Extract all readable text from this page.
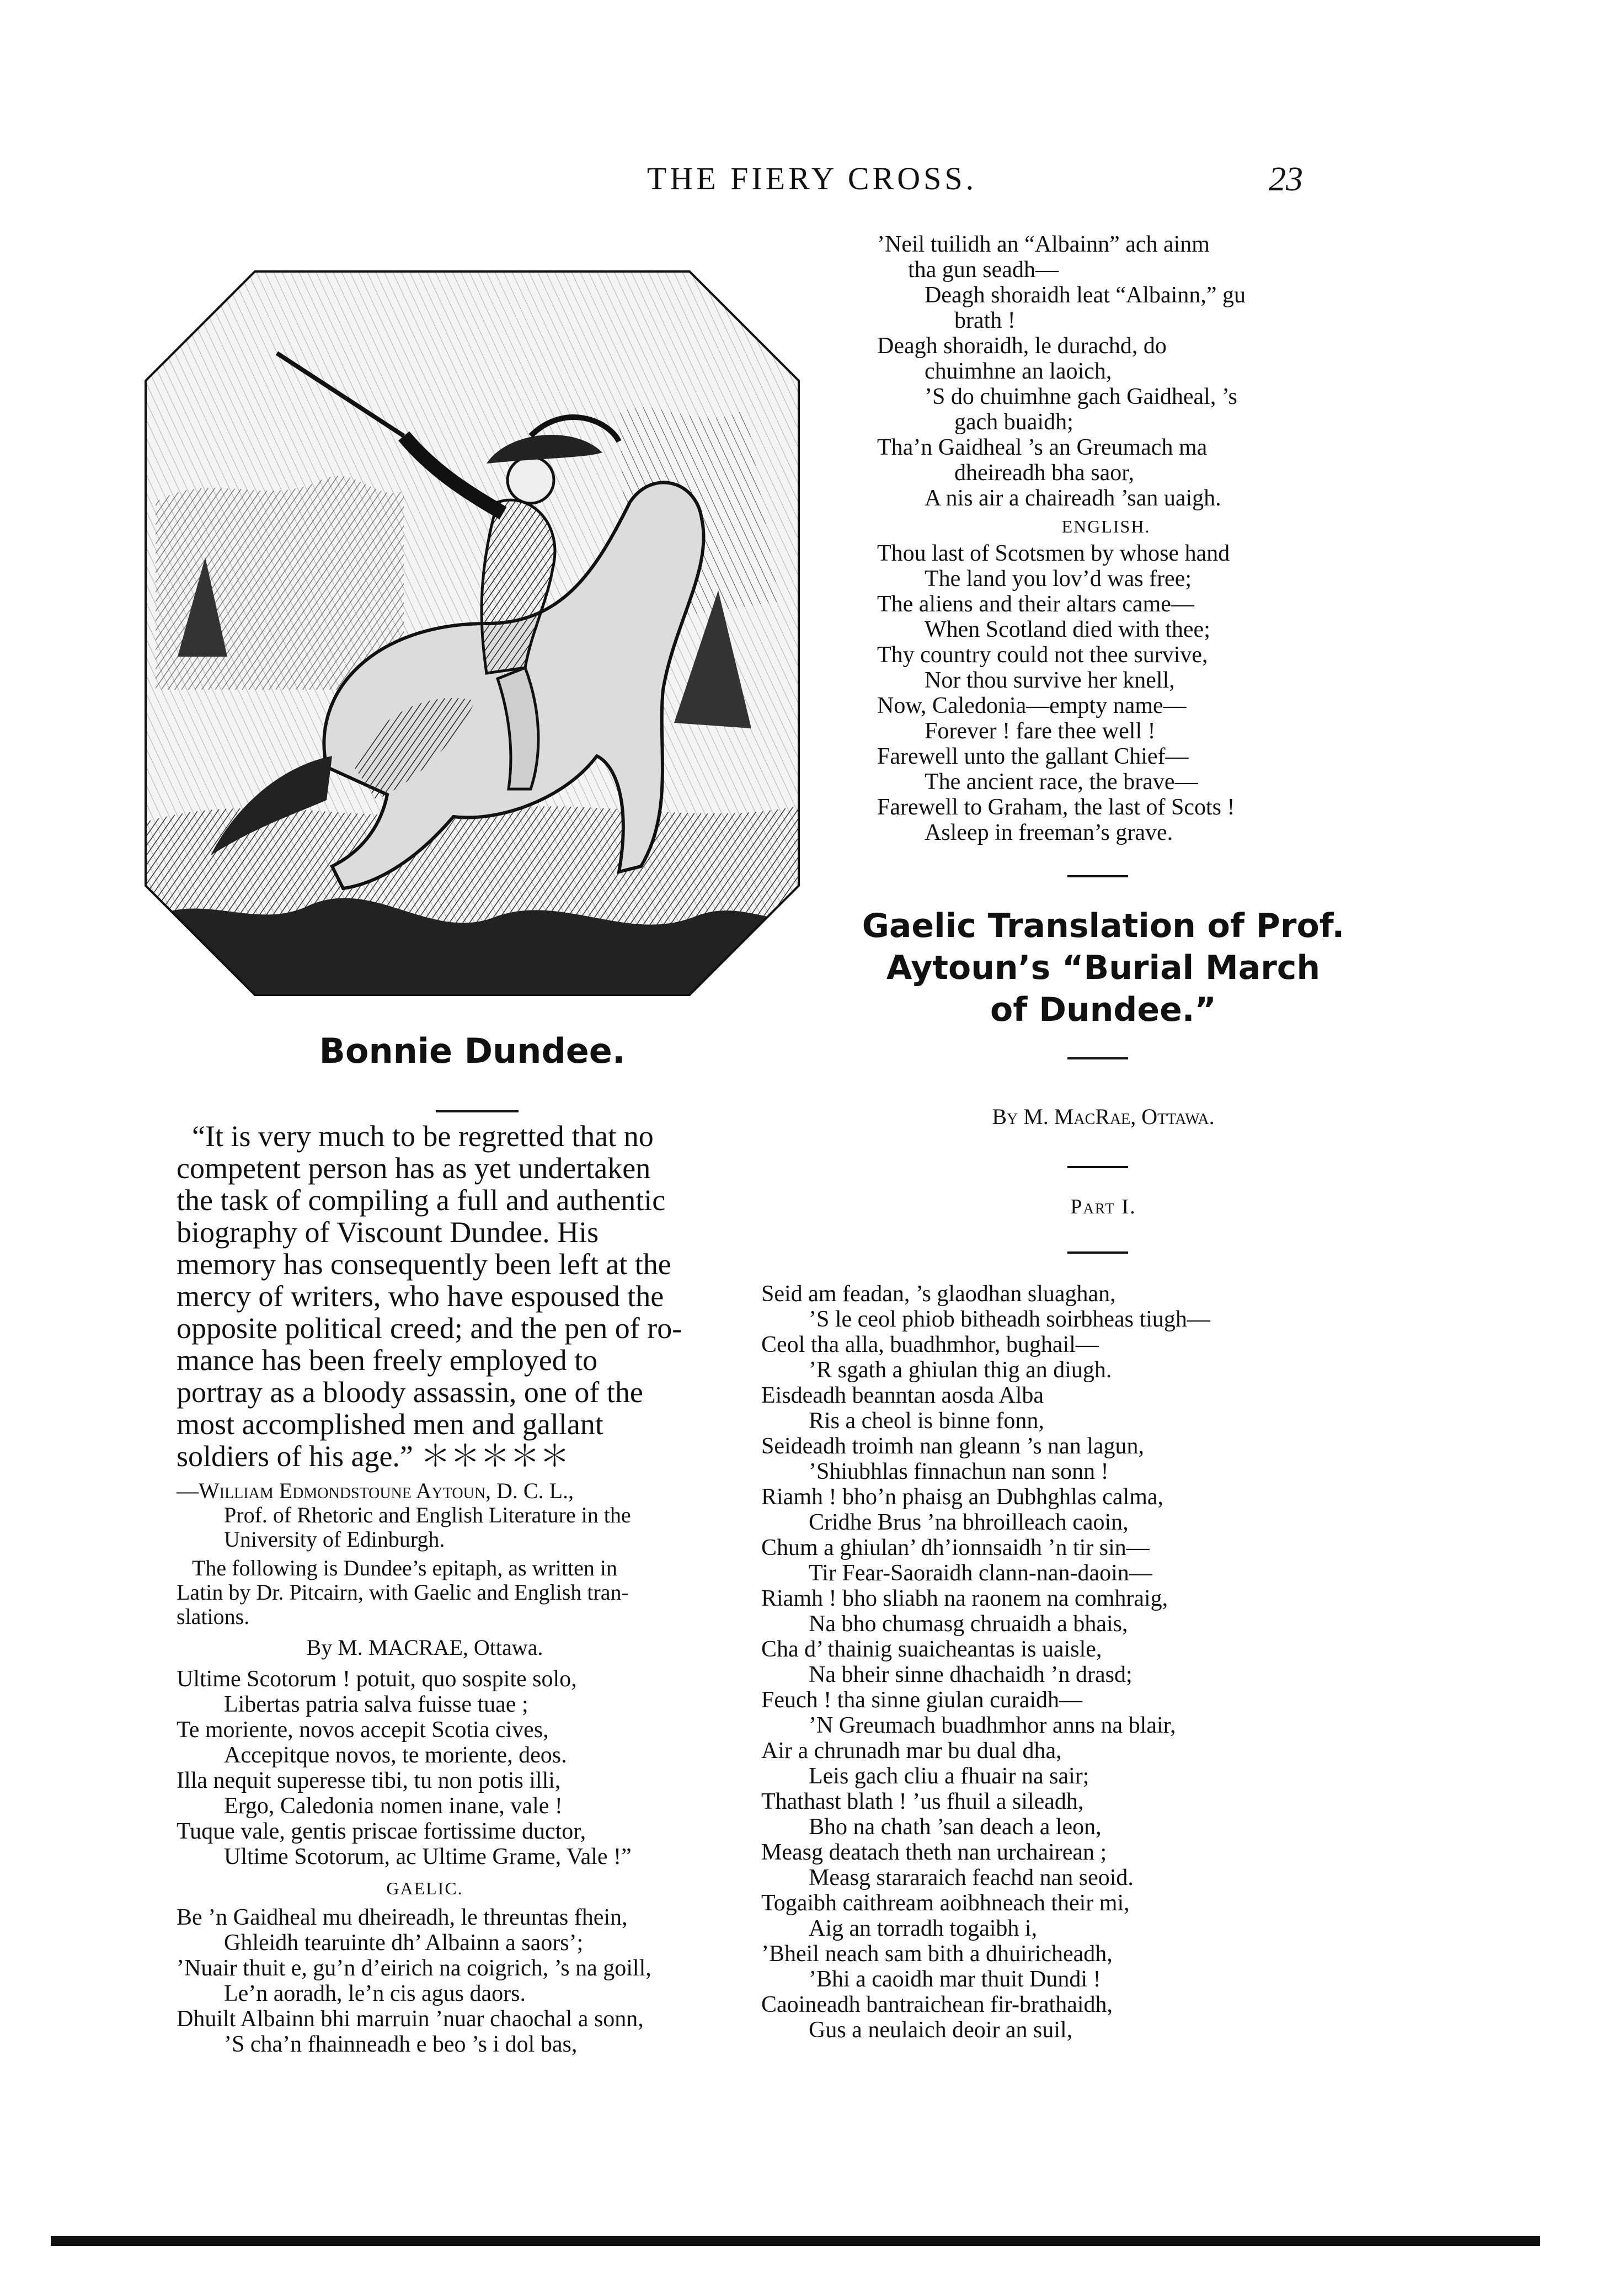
THE FIERY CROSS.	23
Bonnie Dundee.
“It is very much to be regretted that no
competent person has as yet undertaken
the task of compiling a full and authentic
biography of Viscount Dundee. His
memory has consequently been left at the
mercy of writers, who have espoused the
opposite political creed; and the pen of ro-
mance has been freely employed to
portray as a bloody assassin, one of the
most accomplished men and gallant
soldiers of his age.” ＊＊＊＊＊
—William Edmondstoune Aytoun, D. C. L.,
Prof. of Rhetoric and English Literature in the
University of Edinburgh.
The following is Dundee’s epitaph, as written in
Latin by Dr. Pitcairn, with Gaelic and English tran-
slations.
By M. MACRAE, Ottawa.
Ultime Scotorum ! potuit, quo sospite solo,
Libertas patria salva fuisse tuae ;
Te moriente, novos accepit Scotia cives,
Accepitque novos, te moriente, deos.
Illa nequit superesse tibi, tu non potis illi,
Ergo, Caledonia nomen inane, vale !
Tuque vale, gentis priscae fortissime ductor,
Ultime Scotorum, ac Ultime Grame, Vale !”
GAELIC.
Be ’n Gaidheal mu dheireadh, le threuntas fhein,
Ghleidh tearuinte dh’ Albainn a saors’;
’Nuair thuit e, gu’n d’eirich na coigrich, ’s na goill,
Le’n aoradh, le’n cis agus daors.
Dhuilt Albainn bhi marruin ’nuar chaochal a sonn,
’S cha’n fhainneadh e beo ’s i dol bas,
’Neil tuilidh an “Albainn” ach ainm
tha gun seadh—
Deagh shoraidh leat “Albainn,” gu
brath !
Deagh shoraidh, le durachd, do
chuimhne an laoich,
’S do chuimhne gach Gaidheal, ’s
gach buaidh;
Tha’n Gaidheal ’s an Greumach ma
dheireadh bha saor,
A nis air a chaireadh ’san uaigh.
ENGLISH.
Thou last of Scotsmen by whose hand
The land you lov’d was free;
The aliens and their altars came—
When Scotland died with thee;
Thy country could not thee survive,
Nor thou survive her knell,
Now, Caledonia—empty name—
Forever ! fare thee well !
Farewell unto the gallant Chief—
The ancient race, the brave—
Farewell to Graham, the last of Scots !
Asleep in freeman’s grave.
Gaelic Translation of Prof.
Aytoun’s “Burial March
of Dundee.”
By M. MacRae, Ottawa.
Part I.
Seid am feadan, ’s glaodhan sluaghan,
’S le ceol phiob bitheadh soirbheas tiugh—
Ceol tha alla, buadhmhor, bughail—
’R sgath a ghiulan thig an diugh.
Eisdeadh beanntan aosda Alba
Ris a cheol is binne fonn,
Seideadh troimh nan gleann ’s nan lagun,
’Shiubhlas finnachun nan sonn !
Riamh ! bho’n phaisg an Dubhghlas calma,
Cridhe Brus ’na bhroilleach caoin,
Chum a ghiulan’ dh’ionnsaidh ’n tir sin—
Tir Fear-Saoraidh clann-nan-daoin—
Riamh ! bho sliabh na raonem na comhraig,
Na bho chumasg chruaidh a bhais,
Cha d’ thainig suaicheantas is uaisle,
Na bheir sinne dhachaidh ’n drasd;
Feuch ! tha sinne giulan curaidh—
’N Greumach buadhmhor anns na blair,
Air a chrunadh mar bu dual dha,
Leis gach cliu a fhuair na sair;
Thathast blath ! ’us fhuil a sileadh,
Bho na chath ’san deach a leon,
Measg deatach theth nan urchairean ;
Measg stararaich feachd nan seoid.
Togaibh caithream aoibhneach their mi,
Aig an torradh togaibh i,
’Bheil neach sam bith a dhuiricheadh,
’Bhi a caoidh mar thuit Dundi !
Caoineadh bantraichean fir-brathaidh,
Gus a neulaich deoir an suil,
